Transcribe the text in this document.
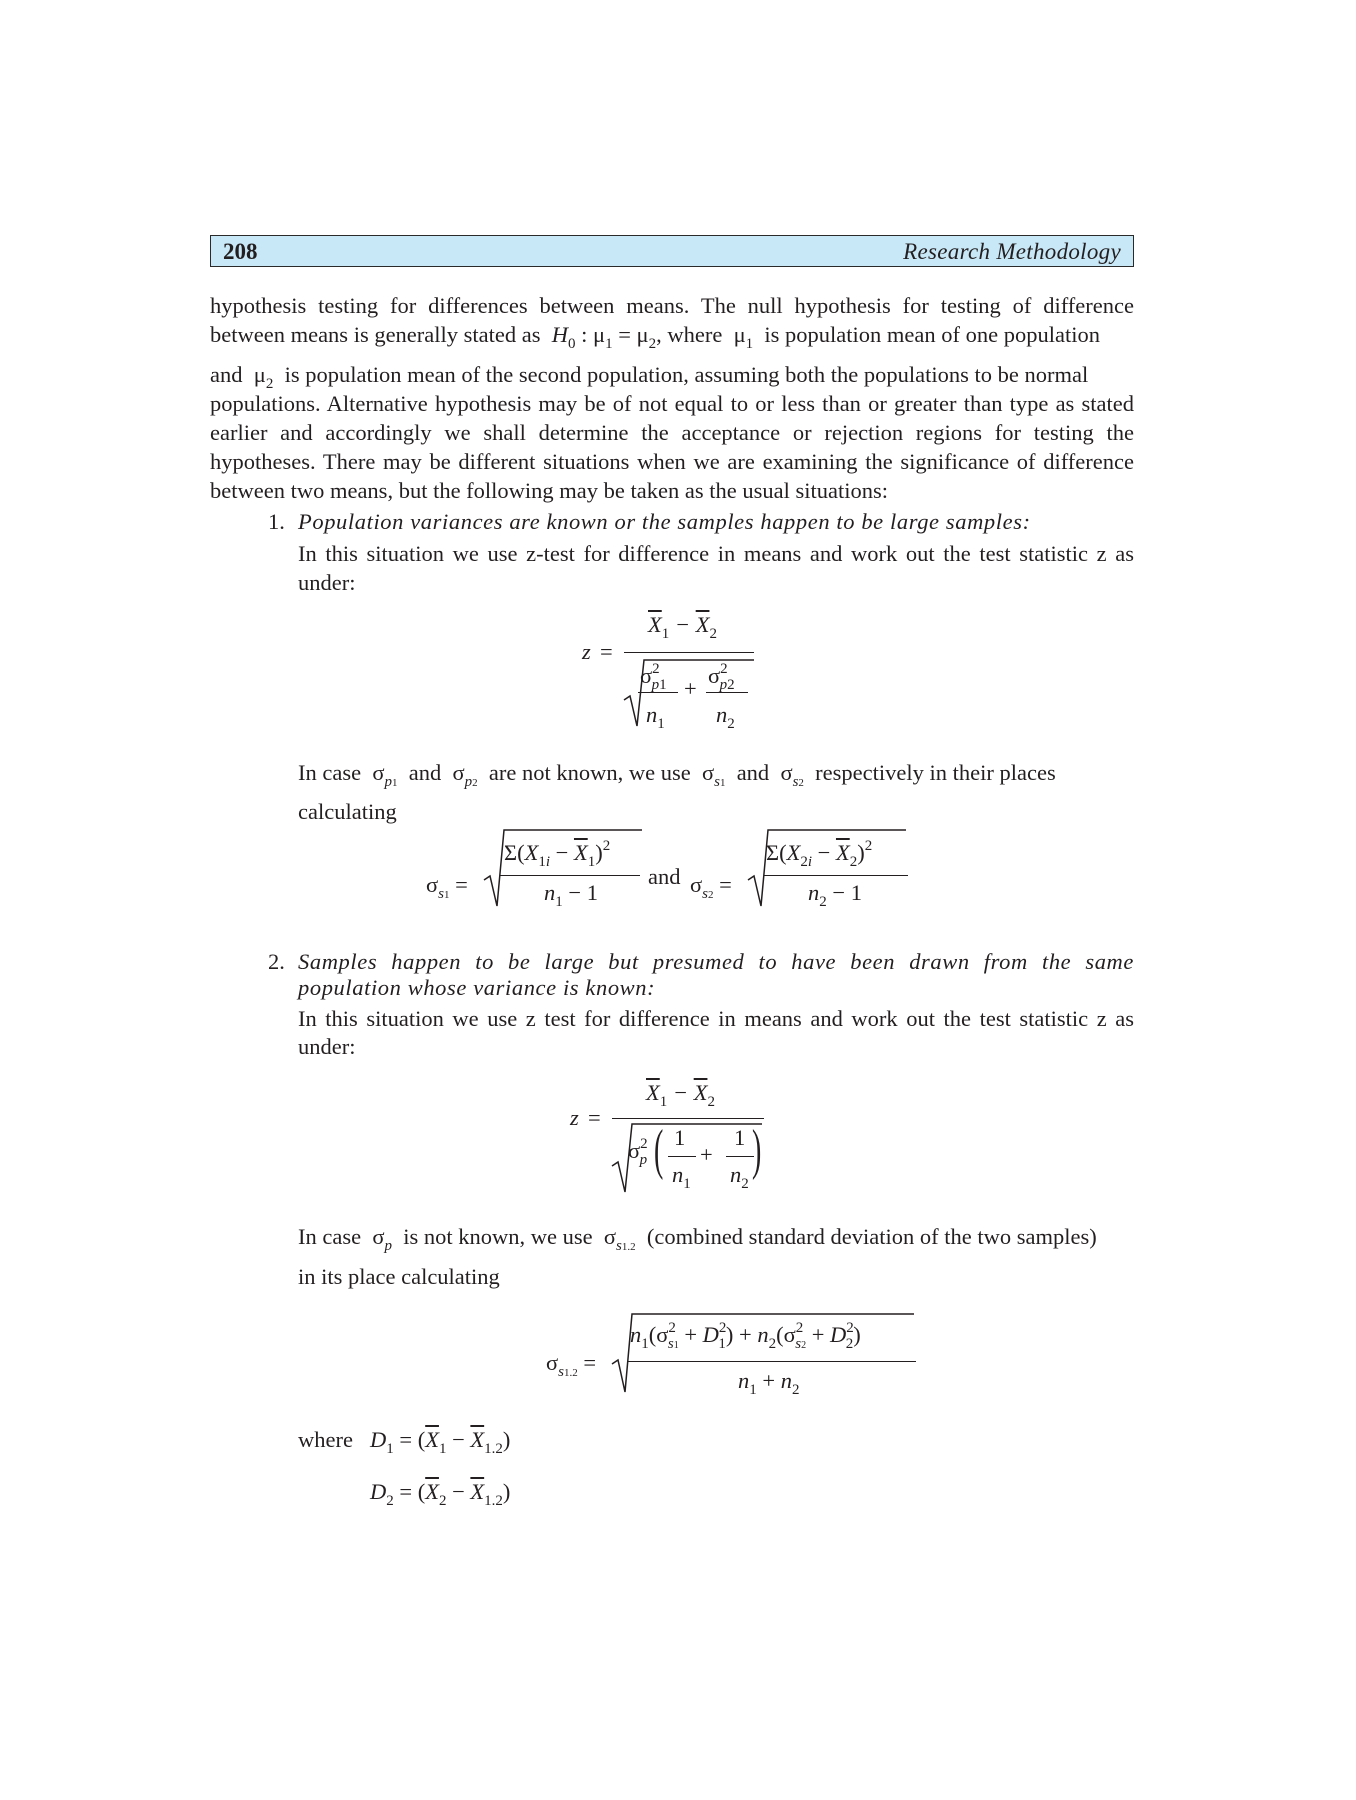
208	Research Methodology
hypothesis testing for differences between means. The null hypothesis for testing of difference
between means is generally stated as $H_0$ : $\mu_1 = \mu_2$, where  $\mu_1$ is population mean of one population
and  $\mu_2$ is population mean of the second population, assuming both the populations to be normal
populations. Alternative hypothesis may be of not equal to or less than or greater than type as stated
earlier and accordingly we shall determine the acceptance or rejection regions for testing the
hypotheses. There may be different situations when we are examining the significance of difference
between two means, but the following may be taken as the usual situations:
1. Population variances are known or the samples happen to be large samples:
In this situation we use z-test for difference in means and work out the test statistic z as
under:
z =
$\overline{X}_1 - \overline{X}_2$
$\sigma^2_{p1}$
$n_1$
+
$\sigma^2_{p2}$
$n_2$
In case  $\sigma_{p1}$ and  $\sigma_{p2}$ are not known, we use  $\sigma_{s1}$ and  $\sigma_{s2}$ respectively in their places
calculating
$\sigma_{s1}$ =
$\Sigma(X_{1i} - \overline{X}_1)^2$
$n_1 - 1$
and $\sigma_{s2}$ =
$\Sigma(X_{2i} - \overline{X}_2)^2$
$n_2 - 1$
2. Samples happen to be large but presumed to have been drawn from the same
population whose variance is known:
In this situation we use z test for difference in means and work out the test statistic z as
under:
z =
$\overline{X}_1 - \overline{X}_2$
$\sigma^2_p$ ( 1
$n_1$
+
1
$n_2$
)
In case  $\sigma_p$ is not known, we use  $\sigma_{s1.2}$ (combined standard deviation of the two samples)
in its place calculating
$\sigma_{s1.2}$ =
$n_1(\sigma^2_{s1} + D^2_1) + n_2(\sigma^2_{s2} + D^2_2)$
$n_1 + n_2$
where $D_1 = (\overline{X}_1 - \overline{X}_{1.2})$
$D_2 = (\overline{X}_2 - \overline{X}_{1.2})$
